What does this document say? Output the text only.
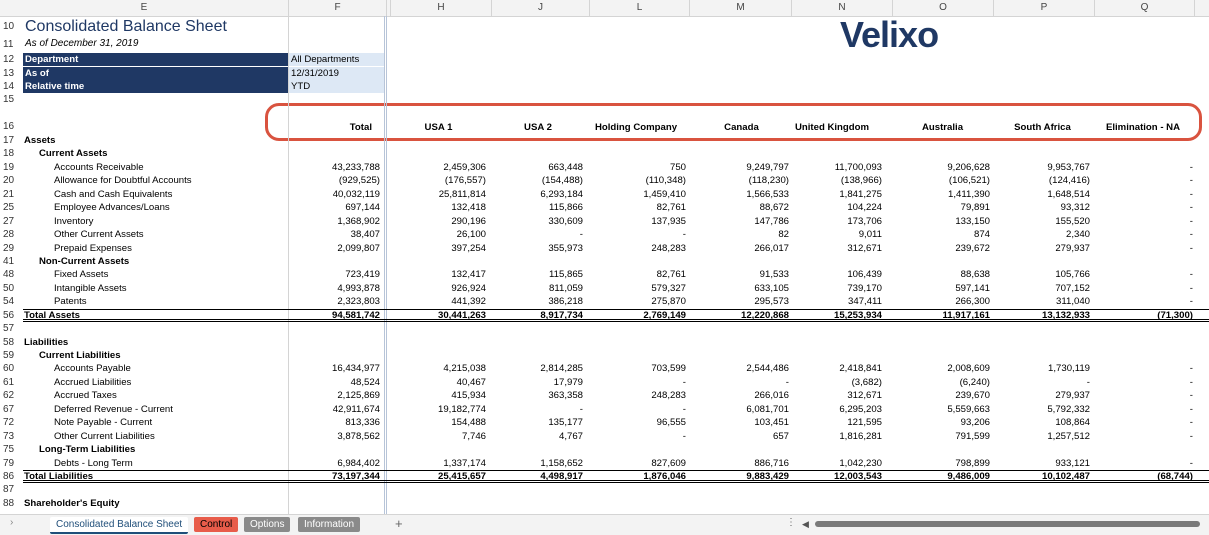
E	F	H	J	L	M	N	O	P	Q
10 Consolidated Balance Sheet
11	As of December 31, 2019
12	Department	All Departments
13	As of	12/31/2019
14	Relative time	YTD
15
16
Velixo
Total	USA 1	USA 2	Holding Company	Canada	United Kingdom	Australia	South Africa	Elimination - NA
17	Assets
18	Current Assets
19	Accounts Receivable	43,233,788	2,459,306	663,448	750	9,249,797	11,700,093	9,206,628	9,953,767	-
20	Allowance for Doubtful Accounts	(929,525)	(176,557)	(154,488)	(110,348)	(118,230)	(138,966)	(106,521)	(124,416)	-
21	Cash and Cash Equivalents	40,032,119	25,811,814	6,293,184	1,459,410	1,566,533	1,841,275	1,411,390	1,648,514	-
25	Employee Advances/Loans	697,144	132,418	115,866	82,761	88,672	104,224	79,891	93,312	-
27	Inventory	1,368,902	290,196	330,609	137,935	147,786	173,706	133,150	155,520	-
28	Other Current Assets	38,407	26,100	-	-	82	9,011	874	2,340	-
29	Prepaid Expenses	2,099,807	397,254	355,973	248,283	266,017	312,671	239,672	279,937	-
41	Non-Current Assets
48	Fixed Assets	723,419	132,417	115,865	82,761	91,533	106,439	88,638	105,766	-
50	Intangible Assets	4,993,878	926,924	811,059	579,327	633,105	739,170	597,141	707,152	-
54	Patents	2,323,803	441,392	386,218	275,870	295,573	347,411	266,300	311,040	-
56	Total Assets	94,581,742	30,441,263	8,917,734	2,769,149	12,220,868	15,253,934	11,917,161	13,132,933	(71,300)
57
58	Liabilities
59	Current Liabilities
60	Accounts Payable	16,434,977	4,215,038	2,814,285	703,599	2,544,486	2,418,841	2,008,609	1,730,119	-
61	Accrued Liabilities	48,524	40,467	17,979	-	-	(3,682)	(6,240)	-	-
62	Accrued Taxes	2,125,869	415,934	363,358	248,283	266,016	312,671	239,670	279,937	-
67	Deferred Revenue - Current	42,911,674	19,182,774	-	-	6,081,701	6,295,203	5,559,663	5,792,332	-
72	Note Payable - Current	813,336	154,488	135,177	96,555	103,451	121,595	93,206	108,864	-
73	Other Current Liabilities	3,878,562	7,746	4,767	-	657	1,816,281	791,599	1,257,512	-
75	Long-Term Liabilities
79	Debts - Long Term	6,984,402	1,337,174	1,158,652	827,609	886,716	1,042,230	798,899	933,121	-
86	Total Liabilities	73,197,344	25,415,657	4,498,917	1,876,046	9,883,429	12,003,543	9,486,009	10,102,487	(68,744)
87
88	Shareholder's Equity
›	Consolidated Balance Sheet	Control	Options	Information	+	⋮ ◀
